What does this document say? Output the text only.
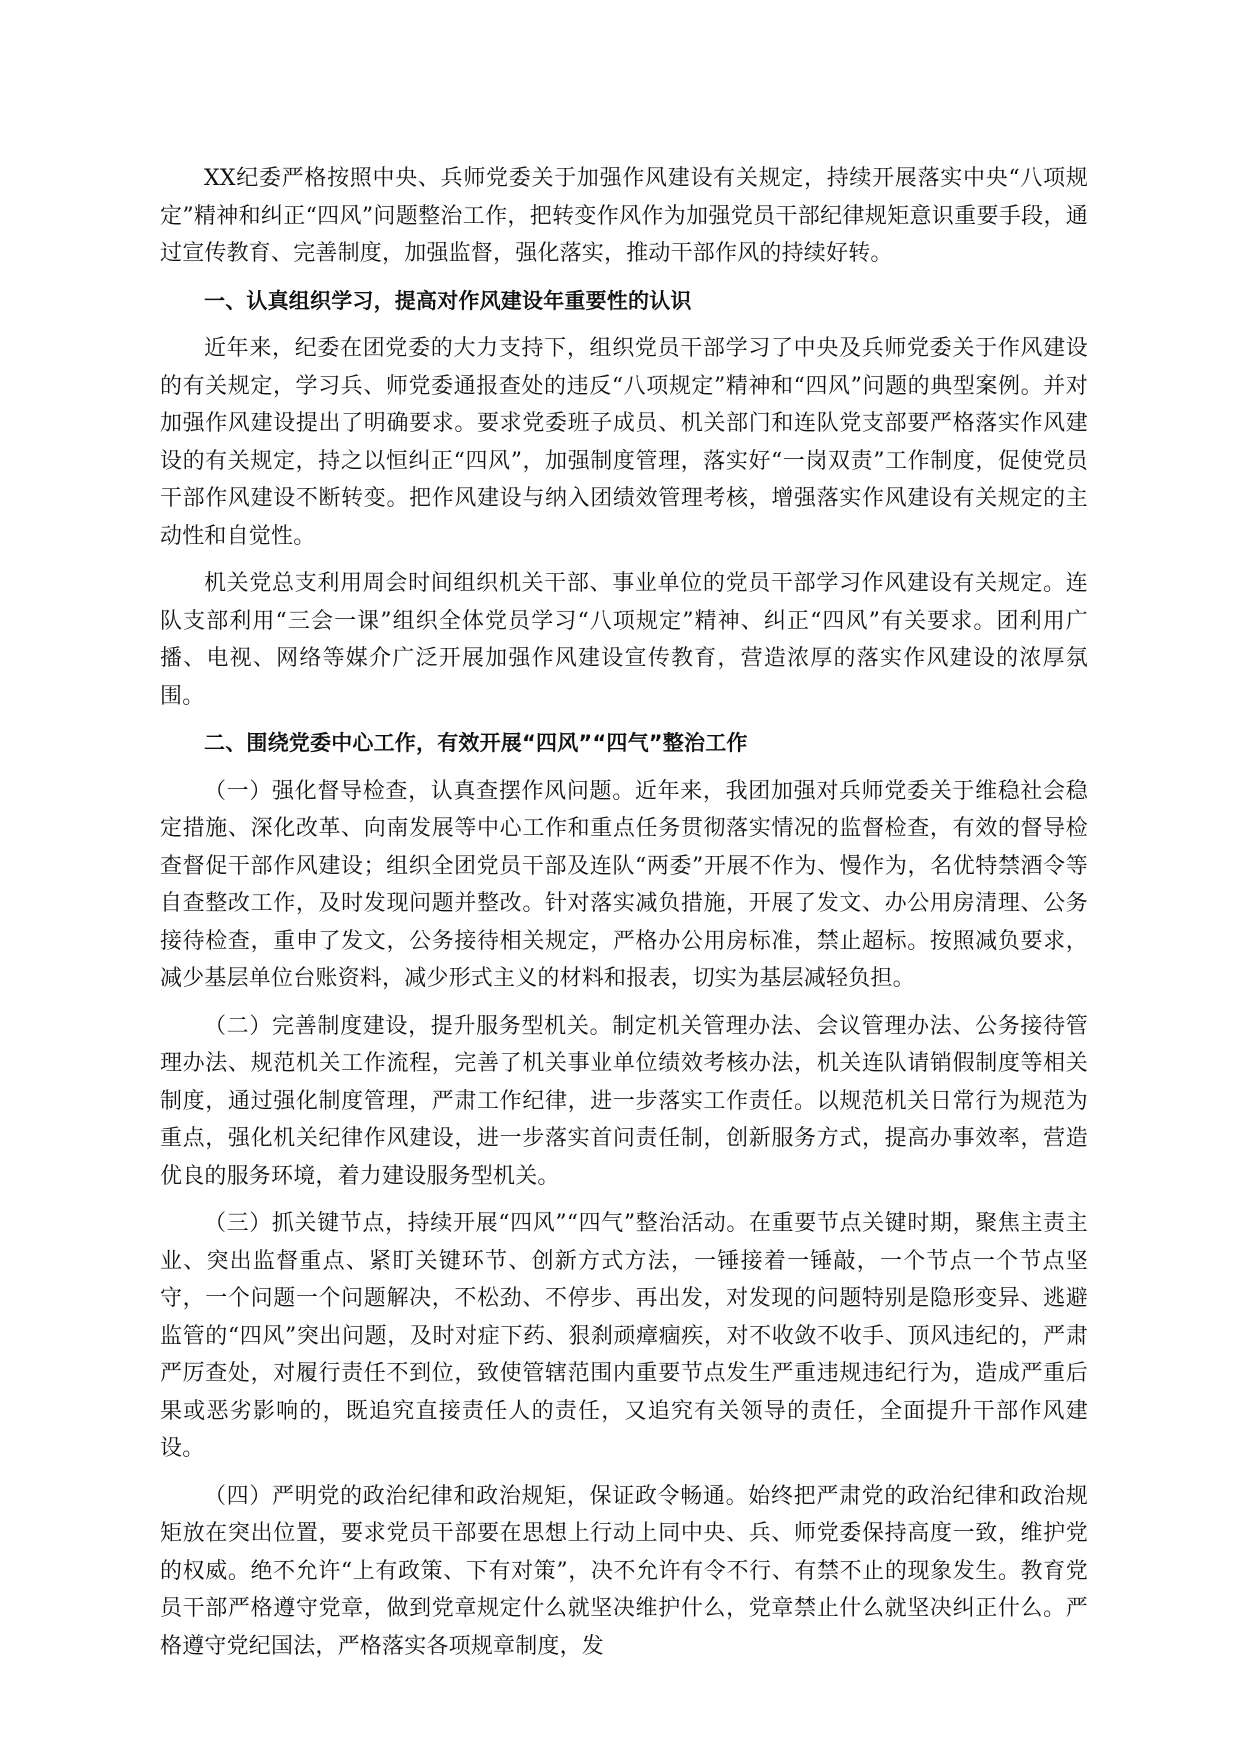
XX纪委严格按照中央、兵师党委关于加强作风建设有关规定，持续开展落实中央“八项规定”精神和纠正“四风”问题整治工作，把转变作风作为加强党员干部纪律规矩意识重要手段，通过宣传教育、完善制度，加强监督，强化落实，推动干部作风的持续好转。

一、认真组织学习，提高对作风建设年重要性的认识

近年来，纪委在团党委的大力支持下，组织党员干部学习了中央及兵师党委关于作风建设的有关规定，学习兵、师党委通报查处的违反“八项规定”精神和“四风”问题的典型案例。并对加强作风建设提出了明确要求。要求党委班子成员、机关部门和连队党支部要严格落实作风建设的有关规定，持之以恒纠正“四风”，加强制度管理，落实好“一岗双责”工作制度，促使党员干部作风建设不断转变。把作风建设与纳入团绩效管理考核，增强落实作风建设有关规定的主动性和自觉性。

机关党总支利用周会时间组织机关干部、事业单位的党员干部学习作风建设有关规定。连队支部利用“三会一课”组织全体党员学习“八项规定”精神、纠正“四风”有关要求。团利用广播、电视、网络等媒介广泛开展加强作风建设宣传教育，营造浓厚的落实作风建设的浓厚氛围。

二、围绕党委中心工作，有效开展“四风”“四气”整治工作

（一）强化督导检查，认真查摆作风问题。近年来，我团加强对兵师党委关于维稳社会稳定措施、深化改革、向南发展等中心工作和重点任务贯彻落实情况的监督检查，有效的督导检查督促干部作风建设；组织全团党员干部及连队“两委”开展不作为、慢作为，名优特禁酒令等自查整改工作，及时发现问题并整改。针对落实减负措施，开展了发文、办公用房清理、公务接待检查，重申了发文，公务接待相关规定，严格办公用房标准，禁止超标。按照减负要求，减少基层单位台账资料，减少形式主义的材料和报表，切实为基层减轻负担。

（二）完善制度建设，提升服务型机关。制定机关管理办法、会议管理办法、公务接待管理办法、规范机关工作流程，完善了机关事业单位绩效考核办法，机关连队请销假制度等相关制度，通过强化制度管理，严肃工作纪律，进一步落实工作责任。以规范机关日常行为规范为重点，强化机关纪律作风建设，进一步落实首问责任制，创新服务方式，提高办事效率，营造优良的服务环境，着力建设服务型机关。

（三）抓关键节点，持续开展“四风”“四气”整治活动。在重要节点关键时期，聚焦主责主业、突出监督重点、紧盯关键环节、创新方式方法，一锤接着一锤敲，一个节点一个节点坚守，一个问题一个问题解决，不松劲、不停步、再出发，对发现的问题特别是隐形变异、逃避监管的“四风”突出问题，及时对症下药、狠刹顽瘴痼疾，对不收敛不收手、顶风违纪的，严肃严厉查处，对履行责任不到位，致使管辖范围内重要节点发生严重违规违纪行为，造成严重后果或恶劣影响的，既追究直接责任人的责任，又追究有关领导的责任，全面提升干部作风建设。

（四）严明党的政治纪律和政治规矩，保证政令畅通。始终把严肃党的政治纪律和政治规矩放在突出位置，要求党员干部要在思想上行动上同中央、兵、师党委保持高度一致，维护党的权威。绝不允许“上有政策、下有对策”，决不允许有令不行、有禁不止的现象发生。教育党员干部严格遵守党章，做到党章规定什么就坚决维护什么，党章禁止什么就坚决纠正什么。严格遵守党纪国法，严格落实各项规章制度，发
